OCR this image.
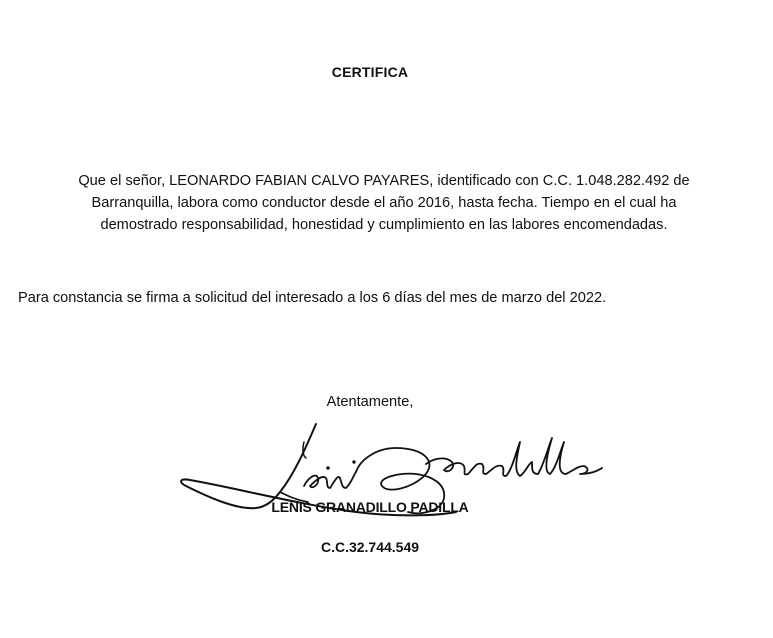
CERTIFICA
Que el señor, LEONARDO FABIAN CALVO PAYARES, identificado con C.C. 1.048.282.492 de
Barranquilla, labora como conductor desde el año 2016, hasta fecha. Tiempo en el cual ha
demostrado responsabilidad, honestidad y cumplimiento en las labores encomendadas.
Para constancia se firma a solicitud del interesado a los 6 días del mes de marzo del 2022.
Atentamente,
LENIS GRANADILLO PADILLA
C.C.32.744.549
